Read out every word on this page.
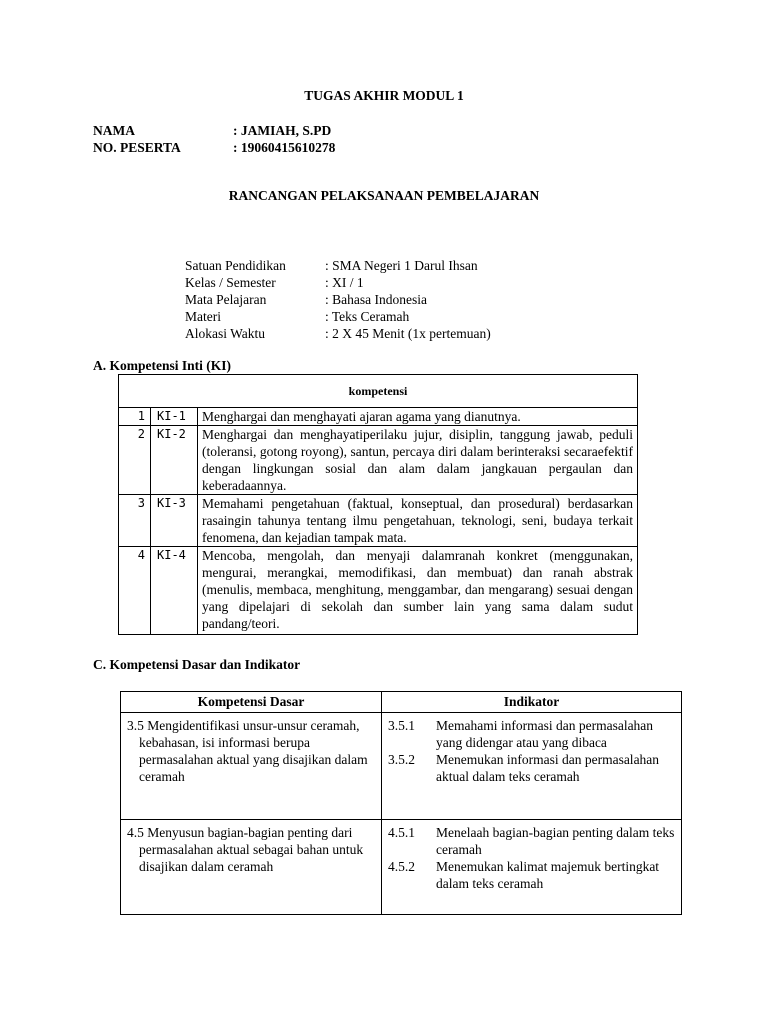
TUGAS AKHIR MODUL 1
NAMA	: JAMIAH, S.PD
NO. PESERTA	: 19060415610278
RANCANGAN PELAKSANAAN PEMBELAJARAN
Satuan Pendidikan	: SMA Negeri 1 Darul Ihsan
Kelas / Semester	: XI / 1
Mata Pelajaran	: Bahasa Indonesia
Materi	: Teks Ceramah
Alokasi Waktu	: 2 X 45 Menit (1x pertemuan)
A. Kompetensi Inti (KI)
kompetensi		
1	KI-1	Menghargai dan menghayati ajaran agama yang dianutnya.
2	KI-2	Menghargai dan menghayatiperilaku jujur, disiplin, tanggung jawab, peduli (toleransi, gotong royong), santun, percaya diri dalam berinteraksi secaraefektif dengan lingkungan sosial dan alam dalam jangkauan pergaulan dan keberadaannya.
3	KI-3	Memahami pengetahuan (faktual, konseptual, dan prosedural) berdasarkan rasaingin tahunya tentang ilmu pengetahuan, teknologi, seni, budaya terkait fenomena, dan kejadian tampak mata.
4	KI-4	Mencoba, mengolah, dan menyaji dalamranah konkret (menggunakan, mengurai, merangkai, memodifikasi, dan membuat) dan ranah abstrak (menulis, membaca, menghitung, menggambar, dan mengarang) sesuai dengan yang dipelajari di sekolah dan sumber lain yang sama dalam sudut pandang/teori.
C. Kompetensi Dasar dan Indikator
Kompetensi Dasar	Indikator

3.5 Mengidentifikasi unsur-unsur ceramah, kebahasan, isi informasi berupa permasalahan aktual yang disajikan dalam ceramah	3.5.1 Memahami informasi dan permasalahan yang didengar atau yang dibaca
3.5.2 Menemukan informasi dan permasalahan aktual dalam teks ceramah

4.5 Menyusun bagian-bagian penting dari permasalahan aktual sebagai bahan untuk disajikan dalam ceramah	4.5.1 Menelaah bagian-bagian penting dalam teks ceramah
4.5.2 Menemukan kalimat majemuk bertingkat dalam teks ceramah
